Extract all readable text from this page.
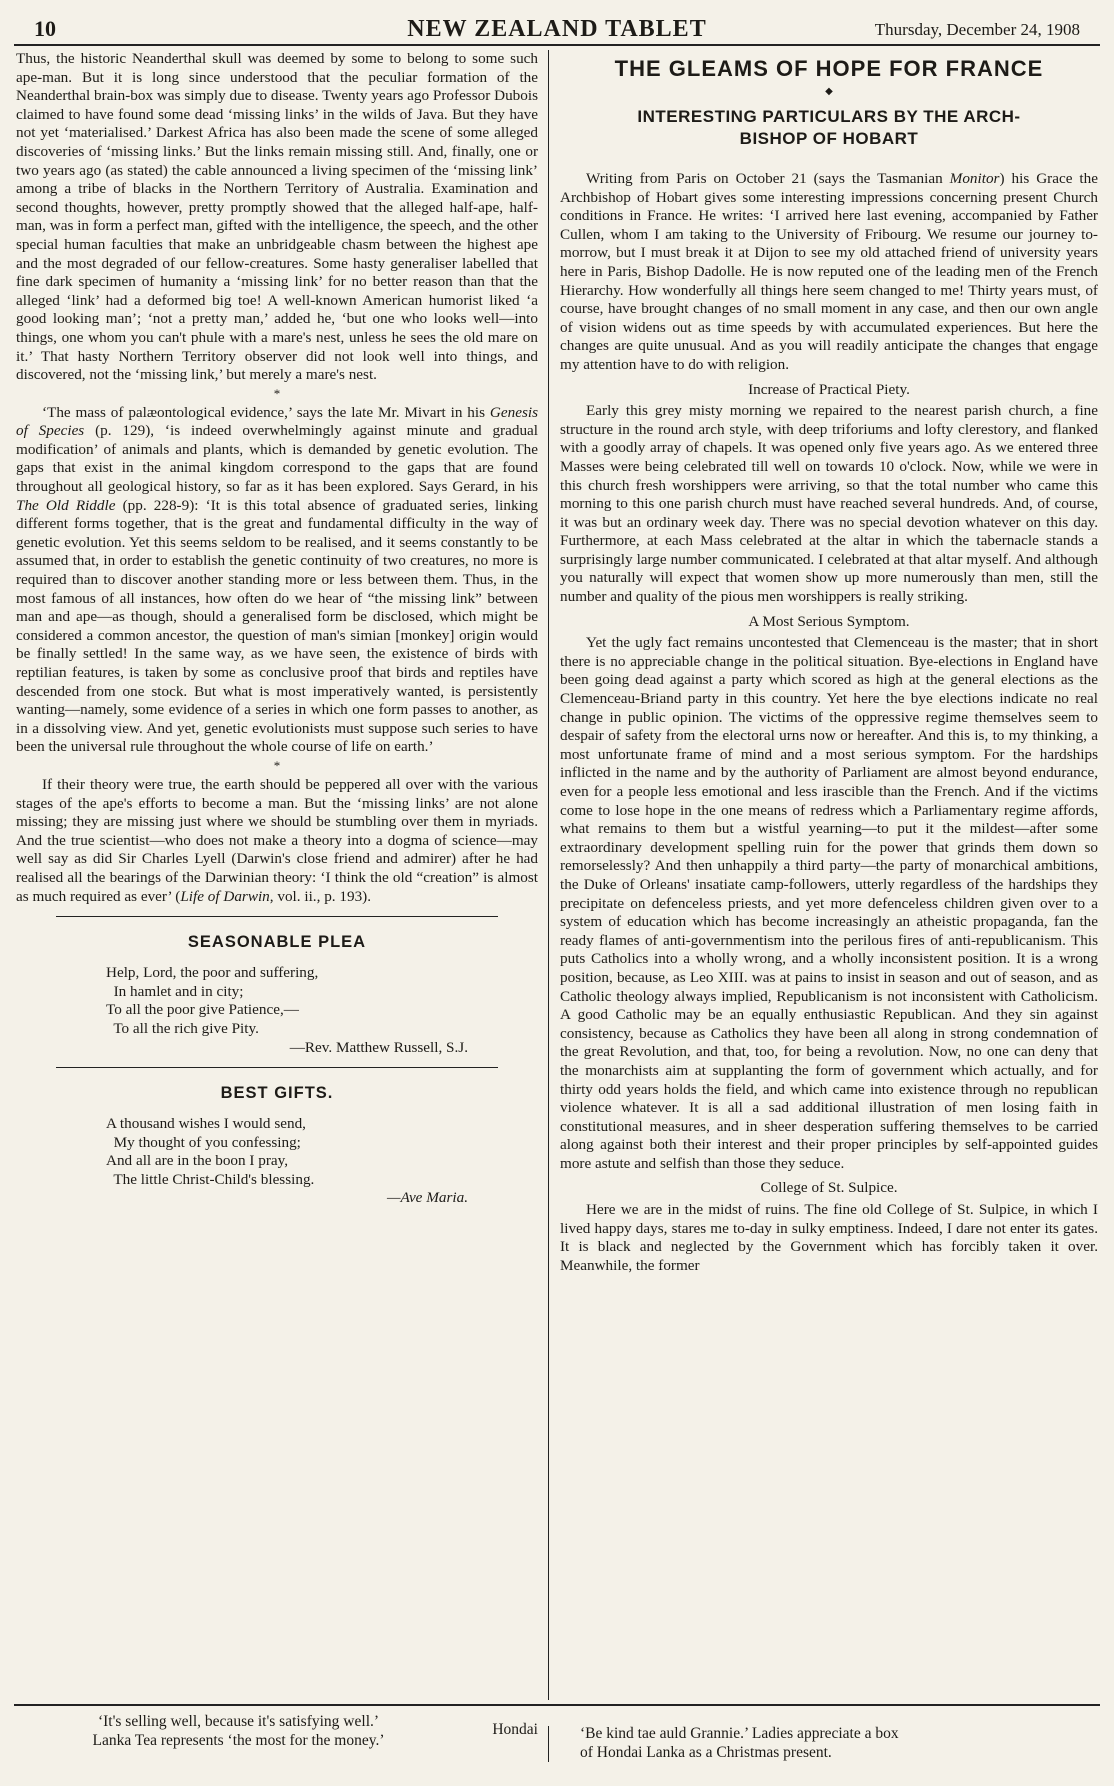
10	NEW ZEALAND TABLET	Thursday, December 24, 1908

Thus, the historic Neanderthal skull was deemed by some to belong to some such ape-man. But it is long since understood that the peculiar formation of the Neanderthal brain-box was simply due to disease. Twenty years ago Professor Dubois claimed to have found some dead ‘missing links’ in the wilds of Java. But they have not yet ‘materialised.’ Darkest Africa has also been made the scene of some alleged discoveries of ‘missing links.’ But the links remain missing still. And, finally, one or two years ago (as stated) the cable announced a living specimen of the ‘missing link’ among a tribe of blacks in the Northern Territory of Australia. Examination and second thoughts, however, pretty promptly showed that the alleged half-ape, half-man, was in form a perfect man, gifted with the intelligence, the speech, and the other special human faculties that make an unbridgeable chasm between the highest ape and the most degraded of our fellow-creatures. Some hasty generaliser labelled that fine dark specimen of humanity a ‘missing link’ for no better reason than that the alleged ‘link’ had a deformed big toe! A well-known American humorist liked ‘a good looking man’; ‘not a pretty man,’ added he, ‘but one who looks well—into things, one whom you can't phule with a mare's nest, unless he sees the old mare on it.’ That hasty Northern Territory observer did not look well into things, and discovered, not the ‘missing link,’ but merely a mare's nest.

*

‘The mass of palæontological evidence,’ says the late Mr. Mivart in his Genesis of Species (p. 129), ‘is indeed overwhelmingly against minute and gradual modification’ of animals and plants, which is demanded by genetic evolution. The gaps that exist in the animal kingdom correspond to the gaps that are found throughout all geological history, so far as it has been explored. Says Gerard, in his The Old Riddle (pp. 228-9): ‘It is this total absence of graduated series, linking different forms together, that is the great and fundamental difficulty in the way of genetic evolution. Yet this seems seldom to be realised, and it seems constantly to be assumed that, in order to establish the genetic continuity of two creatures, no more is required than to discover another standing more or less between them. Thus, in the most famous of all instances, how often do we hear of “the missing link” between man and ape—as though, should a generalised form be disclosed, which might be considered a common ancestor, the question of man's simian [monkey] origin would be finally settled! In the same way, as we have seen, the existence of birds with reptilian features, is taken by some as conclusive proof that birds and reptiles have descended from one stock. But what is most imperatively wanted, is persistently wanting—namely, some evidence of a series in which one form passes to another, as in a dissolving view. And yet, genetic evolutionists must suppose such series to have been the universal rule throughout the whole course of life on earth.’

*

If their theory were true, the earth should be peppered all over with the various stages of the ape's efforts to become a man. But the ‘missing links’ are not alone missing; they are missing just where we should be stumbling over them in myriads. And the true scientist—who does not make a theory into a dogma of science—may well say as did Sir Charles Lyell (Darwin's close friend and admirer) after he had realised all the bearings of the Darwinian theory: ‘I think the old “creation” is almost as much required as ever’ (Life of Darwin, vol. ii., p. 193).

SEASONABLE PLEA
Help, Lord, the poor and suffering,
In hamlet and in city;
To all the poor give Patience,—
To all the rich give Pity.
—Rev. Matthew Russell, S.J.
BEST GIFTS.
A thousand wishes I would send,
My thought of you confessing;
And all are in the boon I pray,
The little Christ-Child's blessing.
—Ave Maria.
THE GLEAMS OF HOPE FOR FRANCE
◆
INTERESTING PARTICULARS BY THE ARCH-
BISHOP OF HOBART

Writing from Paris on October 21 (says the Tasmanian Monitor) his Grace the Archbishop of Hobart gives some interesting impressions concerning present Church conditions in France. He writes: ‘I arrived here last evening, accompanied by Father Cullen, whom I am taking to the University of Fribourg. We resume our journey to-morrow, but I must break it at Dijon to see my old attached friend of university years here in Paris, Bishop Dadolle. He is now reputed one of the leading men of the French Hierarchy. How wonderfully all things here seem changed to me! Thirty years must, of course, have brought changes of no small moment in any case, and then our own angle of vision widens out as time speeds by with accumulated experiences. But here the changes are quite unusual. And as you will readily anticipate the changes that engage my attention have to do with religion.

Increase of Practical Piety.

Early this grey misty morning we repaired to the nearest parish church, a fine structure in the round arch style, with deep triforiums and lofty clerestory, and flanked with a goodly array of chapels. It was opened only five years ago. As we entered three Masses were being celebrated till well on towards 10 o'clock. Now, while we were in this church fresh worshippers were arriving, so that the total number who came this morning to this one parish church must have reached several hundreds. And, of course, it was but an ordinary week day. There was no special devotion whatever on this day. Furthermore, at each Mass celebrated at the altar in which the tabernacle stands a surprisingly large number communicated. I celebrated at that altar myself. And although you naturally will expect that women show up more numerously than men, still the number and quality of the pious men worshippers is really striking.

A Most Serious Symptom.

Yet the ugly fact remains uncontested that Clemenceau is the master; that in short there is no appreciable change in the political situation. Bye-elections in England have been going dead against a party which scored as high at the general elections as the Clemenceau-Briand party in this country. Yet here the bye elections indicate no real change in public opinion. The victims of the oppressive regime themselves seem to despair of safety from the electoral urns now or hereafter. And this is, to my thinking, a most unfortunate frame of mind and a most serious symptom. For the hardships inflicted in the name and by the authority of Parliament are almost beyond endurance, even for a people less emotional and less irascible than the French. And if the victims come to lose hope in the one means of redress which a Parliamentary regime affords, what remains to them but a wistful yearning—to put it the mildest—after some extraordinary development spelling ruin for the power that grinds them down so remorselessly? And then unhappily a third party—the party of monarchical ambitions, the Duke of Orleans' insatiate camp-followers, utterly regardless of the hardships they precipitate on defenceless priests, and yet more defenceless children given over to a system of education which has become increasingly an atheistic propaganda, fan the ready flames of anti-governmentism into the perilous fires of anti-republicanism. This puts Catholics into a wholly wrong, and a wholly inconsistent position. It is a wrong position, because, as Leo XIII. was at pains to insist in season and out of season, and as Catholic theology always implied, Republicanism is not inconsistent with Catholicism. A good Catholic may be an equally enthusiastic Republican. And they sin against consistency, because as Catholics they have been all along in strong condemnation of the great Revolution, and that, too, for being a revolution. Now, no one can deny that the monarchists aim at supplanting the form of government which actually, and for thirty odd years holds the field, and which came into existence through no republican violence whatever. It is all a sad additional illustration of men losing faith in constitutional measures, and in sheer desperation suffering themselves to be carried along against both their interest and their proper principles by self-appointed guides more astute and selfish than those they seduce.

College of St. Sulpice.

Here we are in the midst of ruins. The fine old College of St. Sulpice, in which I lived happy days, stares me to-day in sulky emptiness. Indeed, I dare not enter its gates. It is black and neglected by the Government which has forcibly taken it over. Meanwhile, the former

‘It's selling well, because it's satisfying well.’
Lanka Tea represents ‘the most for the money.’
Hondai	‘Be kind tae auld Grannie.’ Ladies appreciate a box
of Hondai Lanka as a Christmas present.
